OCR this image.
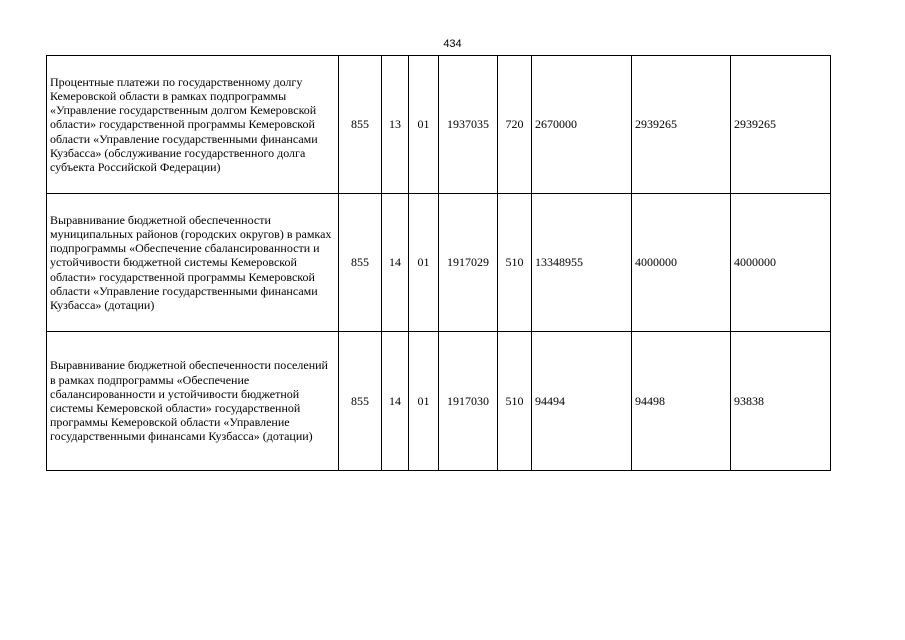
434
Процентные платежи по государственному долгу Кемеровской области в рамках подпрограммы «Управление государственным долгом Кемеровской области» государственной программы Кемеровской области «Управление государственными финансами Кузбасса» (обслуживание государственного долга субъекта Российской Федерации)	855	13	01	1937035	720	2670000	2939265	2939265
Выравнивание бюджетной обеспеченности муниципальных районов (городских округов) в рамках подпрограммы «Обеспечение сбалансированности и устойчивости бюджетной системы Кемеровской области» государственной программы Кемеровской области «Управление государственными финансами Кузбасса» (дотации)	855	14	01	1917029	510	13348955	4000000	4000000
Выравнивание бюджетной обеспеченности поселений в рамках подпрограммы «Обеспечение сбалансированности и устойчивости бюджетной системы Кемеровской области» государственной программы Кемеровской области «Управление государственными финансами Кузбасса» (дотации)	855	14	01	1917030	510	94494	94498	93838
